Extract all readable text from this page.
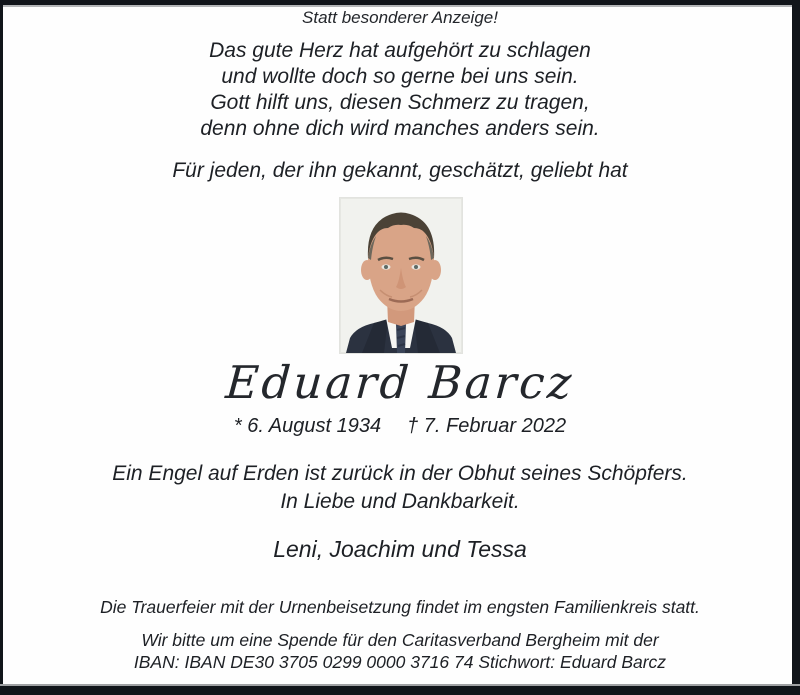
Statt besonderer Anzeige!
Das gute Herz hat aufgehört zu schlagen
und wollte doch so gerne bei uns sein.
Gott hilft uns, diesen Schmerz zu tragen,
denn ohne dich wird manches anders sein.
Für jeden, der ihn gekannt, geschätzt, geliebt hat
Eduard Barcz
* 6. August 1934 † 7. Februar 2022
Ein Engel auf Erden ist zurück in der Obhut seines Schöpfers.
In Liebe und Dankbarkeit.
Leni, Joachim und Tessa
Die Trauerfeier mit der Urnenbeisetzung findet im engsten Familienkreis statt.
Wir bitte um eine Spende für den Caritasverband Bergheim mit der
IBAN: IBAN DE30 3705 0299 0000 3716 74 Stichwort: Eduard Barcz
